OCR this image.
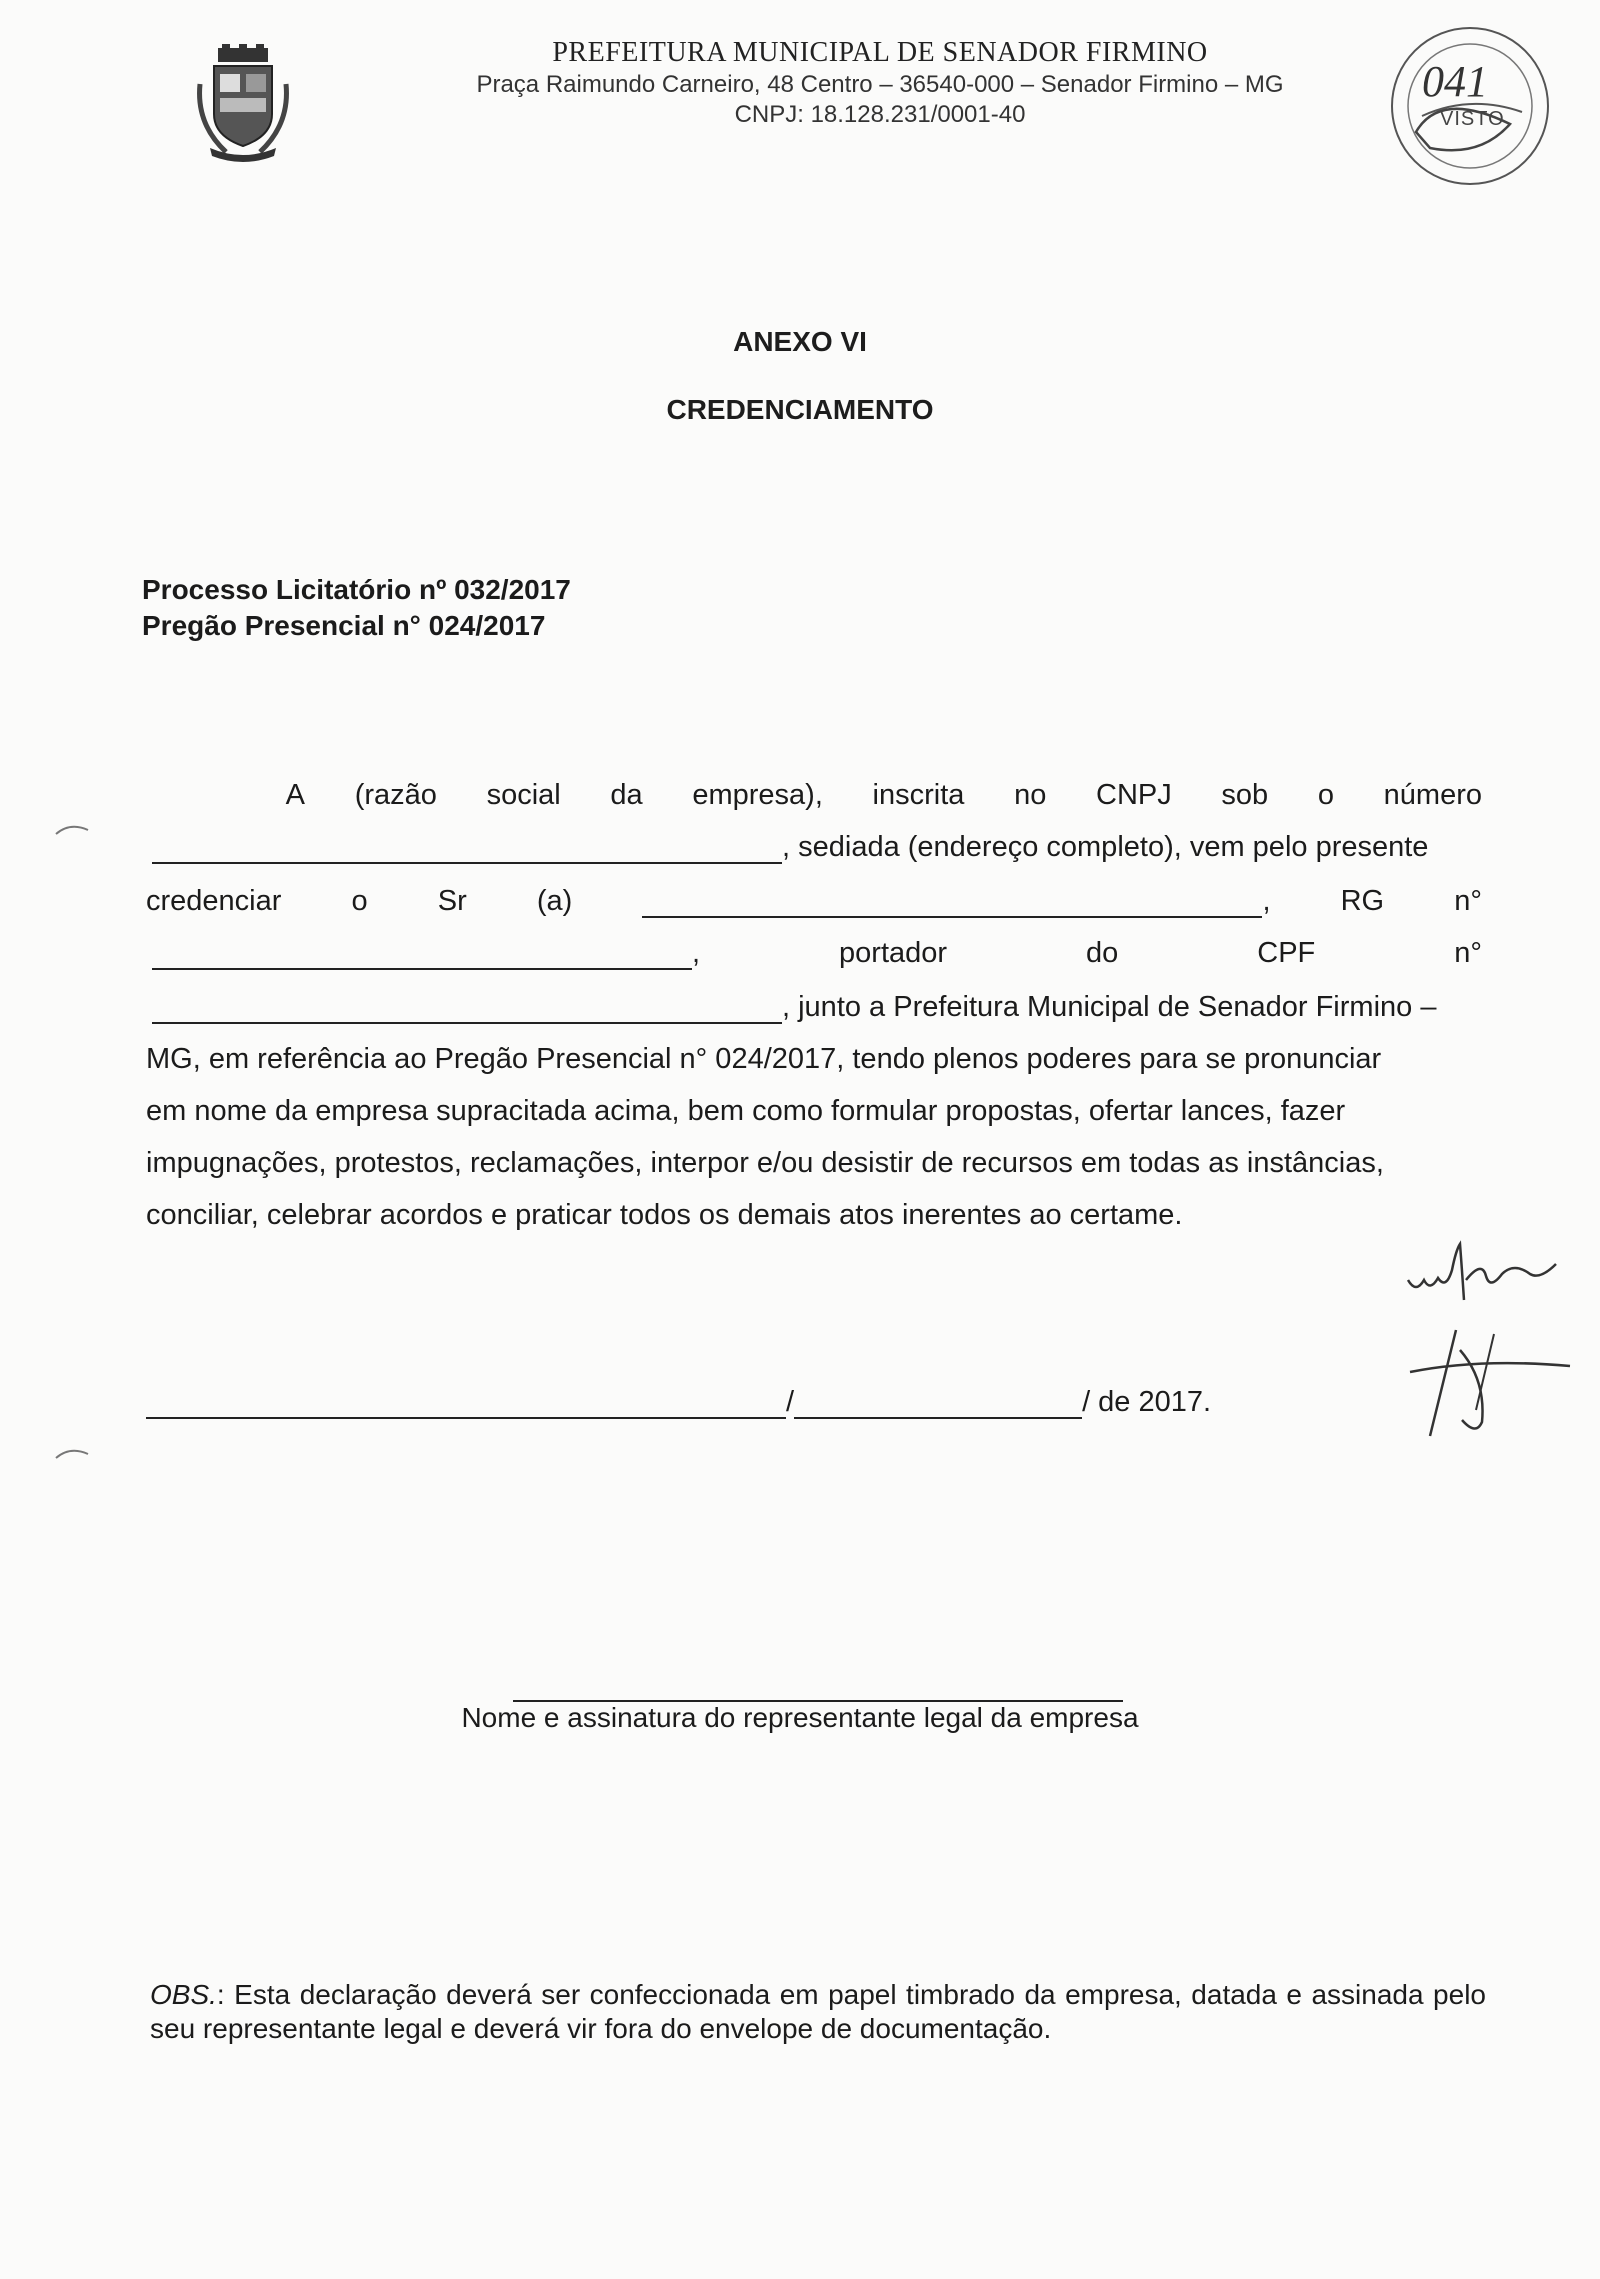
PREFEITURA MUNICIPAL DE SENADOR FIRMINO
Praça Raimundo Carneiro, 48 Centro – 36540-000 – Senador Firmino – MG
CNPJ: 18.128.231/0001-40
041
VISTO
ANEXO VI
CREDENCIAMENTO
Processo Licitatório nº 032/2017
Pregão Presencial n° 024/2017
A (razão social da empresa), inscrita no CNPJ sob o número
, sediada (endereço completo), vem pelo presente
credenciar o Sr (a)	, RG n°
,	portador	do	CPF	n°
, junto a Prefeitura Municipal de Senador Firmino –
MG, em referência ao Pregão Presencial n° 024/2017, tendo plenos poderes para se pronunciar
em nome da empresa supracitada acima, bem como formular propostas, ofertar lances, fazer
impugnações, protestos, reclamações, interpor e/ou desistir de recursos em todas as instâncias,
conciliar, celebrar acordos e praticar todos os demais atos inerentes ao certame.
/	/ de 2017.
Nome e assinatura do representante legal da empresa
OBS.: Esta declaração deverá ser confeccionada em papel timbrado da empresa, datada e assinada pelo seu representante legal e deverá vir fora do envelope de documentação.
